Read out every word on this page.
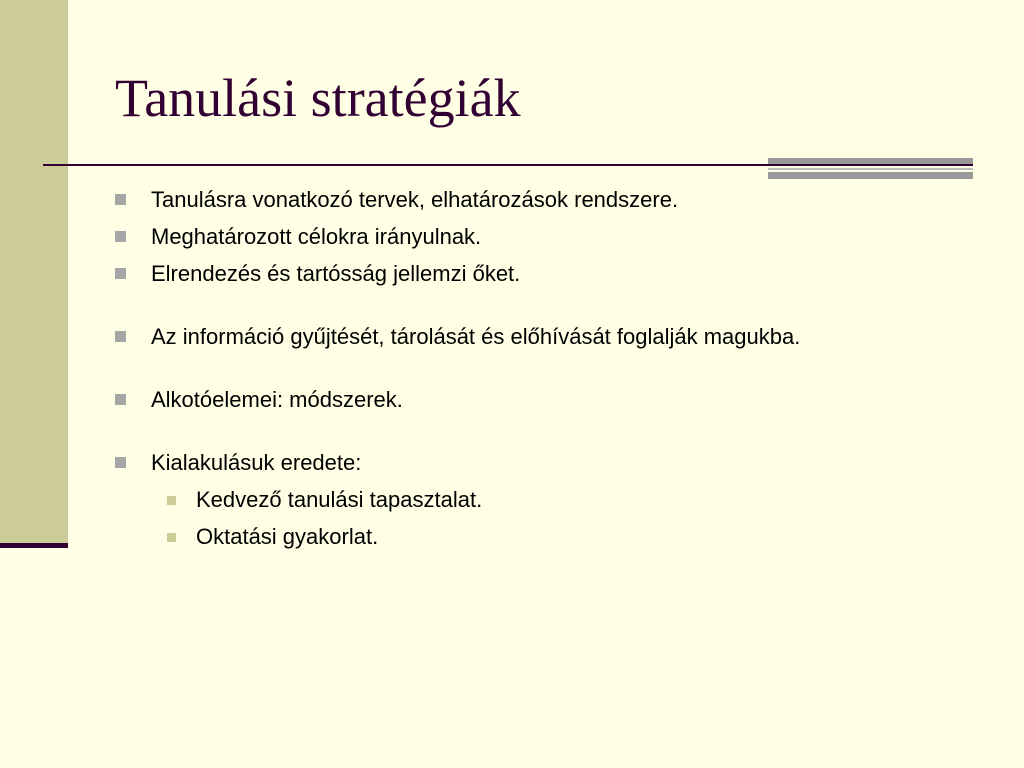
Tanulási stratégiák
Tanulásra vonatkozó tervek, elhatározások rendszere.
Meghatározott célokra irányulnak.
Elrendezés és tartósság jellemzi őket.
Az információ gyűjtését, tárolását és előhívását foglalják magukba.
Alkotóelemei: módszerek.
Kialakulásuk eredete:
Kedvező tanulási tapasztalat.
Oktatási gyakorlat.
